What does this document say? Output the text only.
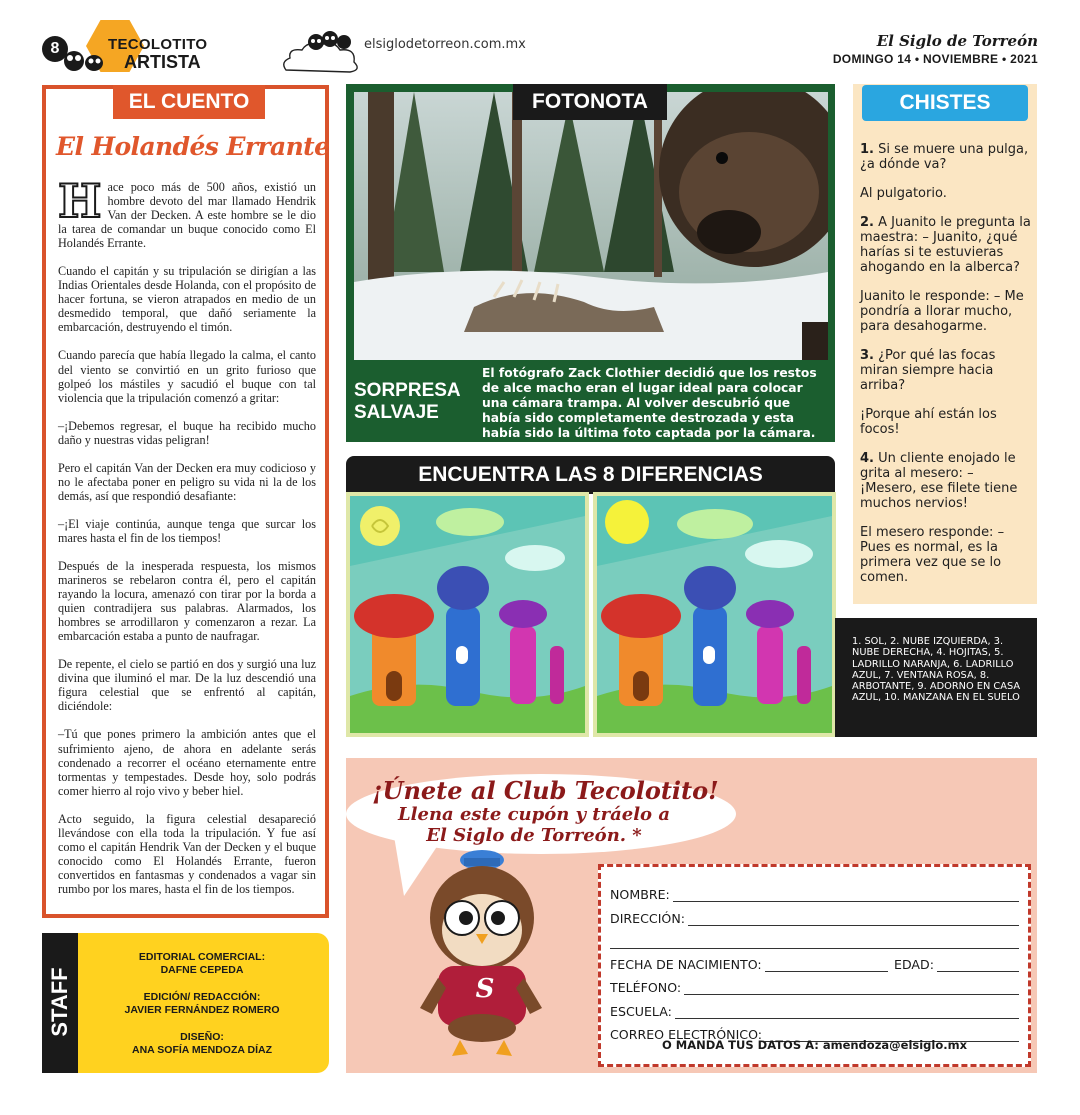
8	TECOLOTITO
ARTISTA
elsiglodetorreon.com.mx	El Siglo de Torreón
DOMINGO 14 • NOVIEMBRE • 2021
EL CUENTO
El Holandés Errante

Hace poco más de 500 años, existió un hombre devoto del mar llamado Hendrik Van der Decken. A este hombre se le dio la tarea de comandar un buque conocido como El Holandés Errante.

Cuando el capitán y su tripulación se dirigían a las Indias Orientales desde Holanda, con el propósito de hacer fortuna, se vieron atrapados en medio de un desmedido temporal, que dañó seriamente la embarcación, destruyendo el timón.

Cuando parecía que había llegado la calma, el canto del viento se convirtió en un grito furioso que golpeó los mástiles y sacudió el buque con tal violencia que la tripulación comenzó a gritar:

–¡Debemos regresar, el buque ha recibido mucho daño y nuestras vidas peligran!

Pero el capitán Van der Decken era muy codicioso y no le afectaba poner en peligro su vida ni la de los demás, así que respondió desafiante:

–¡El viaje continúa, aunque tenga que surcar los mares hasta el fin de los tiempos!

Después de la inesperada respuesta, los mismos marineros se rebelaron contra él, pero el capitán rayando la locura, amenazó con tirar por la borda a quien contradijera sus palabras. Alarmados, los hombres se arrodillaron y comenzaron a rezar. La embarcación estaba a punto de naufragar.

De repente, el cielo se partió en dos y surgió una luz divina que iluminó el mar. De la luz descendió una figura celestial que se enfrentó al capitán, diciéndole:

–Tú que pones primero la ambición antes que el sufrimiento ajeno, de ahora en adelante serás condenado a recorrer el océano eternamente entre tormentas y tempestades. Desde hoy, solo podrás comer hierro al rojo vivo y beber hiel.

Acto seguido, la figura celestial desapareció llevándose con ella toda la tripulación. Y fue así como el capitán Hendrik Van der Decken y el buque conocido como El Holandés Errante, fueron convertidos en fantasmas y condenados a vagar sin rumbo por los mares, hasta el fin de los tiempos.

STAFF
EDITORIAL COMERCIAL:
DAFNE CEPEDA
EDICIÓN/ REDACCIÓN:
JAVIER FERNÁNDEZ ROMERO
DISEÑO:
ANA SOFÍA MENDOZA DÍAZ
FOTONOTA
SORPRESA
SALVAJE
El fotógrafo Zack Clothier decidió que los restos de alce macho eran el lugar ideal para colocar una cámara trampa. Al volver descubrió que había sido completamente destrozada y esta había sido la última foto captada por la cámara.
ENCUENTRA LAS 8 DIFERENCIAS
1. SOL, 2. NUBE IZQUIERDA, 3. NUBE DERECHA, 4. HOJITAS, 5. LADRILLO NARANJA, 6. LADRILLO AZUL, 7. VENTANA ROSA, 8. ARBOTANTE, 9. ADORNO EN CASA AZUL, 10. MANZANA EN EL SUELO
CHISTES

1. Si se muere una pulga, ¿a dónde va?

Al pulgatorio.

2. A Juanito le pregunta la maestra: – Juanito, ¿qué harías si te estuvieras ahogando en la alberca?

Juanito le responde: – Me pondría a llorar mucho, para desahogarme.

3. ¿Por qué las focas miran siempre hacia arriba?

¡Porque ahí están los focos!

4. Un cliente enojado le grita al mesero: – ¡Mesero, ese filete tiene muchos nervios!

El mesero responde: – Pues es normal, es la primera vez que se lo comen.

¡Únete al Club Tecolotito!
Llena este cupón y tráelo a
El Siglo de Torreón. *
S
NOMBRE:
DIRECCIÓN:
FECHA DE NACIMIENTO:	EDAD:
TELÉFONO:
ESCUELA:
CORREO ELECTRÓNICO:
O MANDA TUS DATOS A: amendoza@elsiglo.mx
